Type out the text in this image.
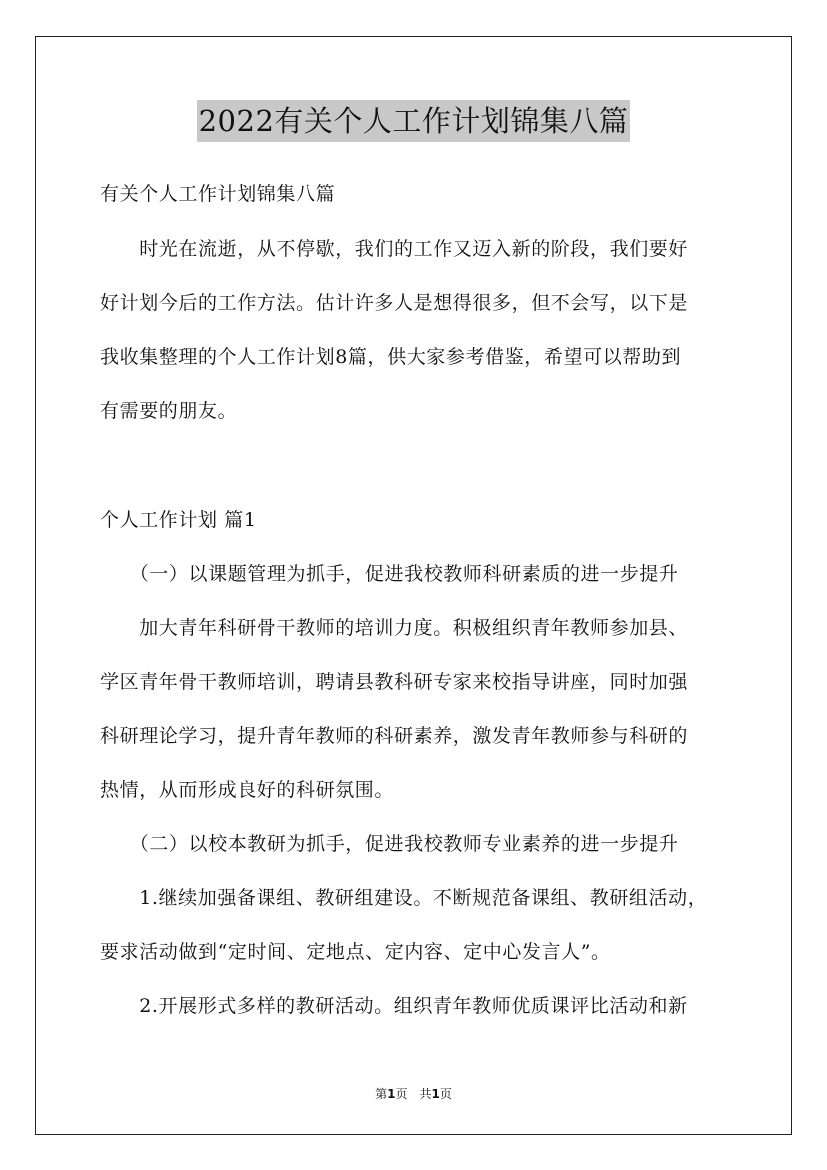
2022有关个人工作计划锦集八篇

有关个人工作计划锦集八篇

　　时光在流逝，从不停歇，我们的工作又迈入新的阶段，我们要好

好计划今后的工作方法。估计许多人是想得很多，但不会写，以下是

我收集整理的个人工作计划8篇，供大家参考借鉴，希望可以帮助到

有需要的朋友。

个人工作计划 篇1

　　（一）以课题管理为抓手，促进我校教师科研素质的进一步提升

　　加大青年科研骨干教师的培训力度。积极组织青年教师参加县、

学区青年骨干教师培训，聘请县教科研专家来校指导讲座，同时加强

科研理论学习，提升青年教师的科研素养，激发青年教师参与科研的

热情，从而形成良好的科研氛围。

　　（二）以校本教研为抓手，促进我校教师专业素养的进一步提升

　　1.继续加强备课组、教研组建设。不断规范备课组、教研组活动，

要求活动做到“定时间、定地点、定内容、定中心发言人”。

　　2.开展形式多样的教研活动。组织青年教师优质课评比活动和新

第1页　共1页
